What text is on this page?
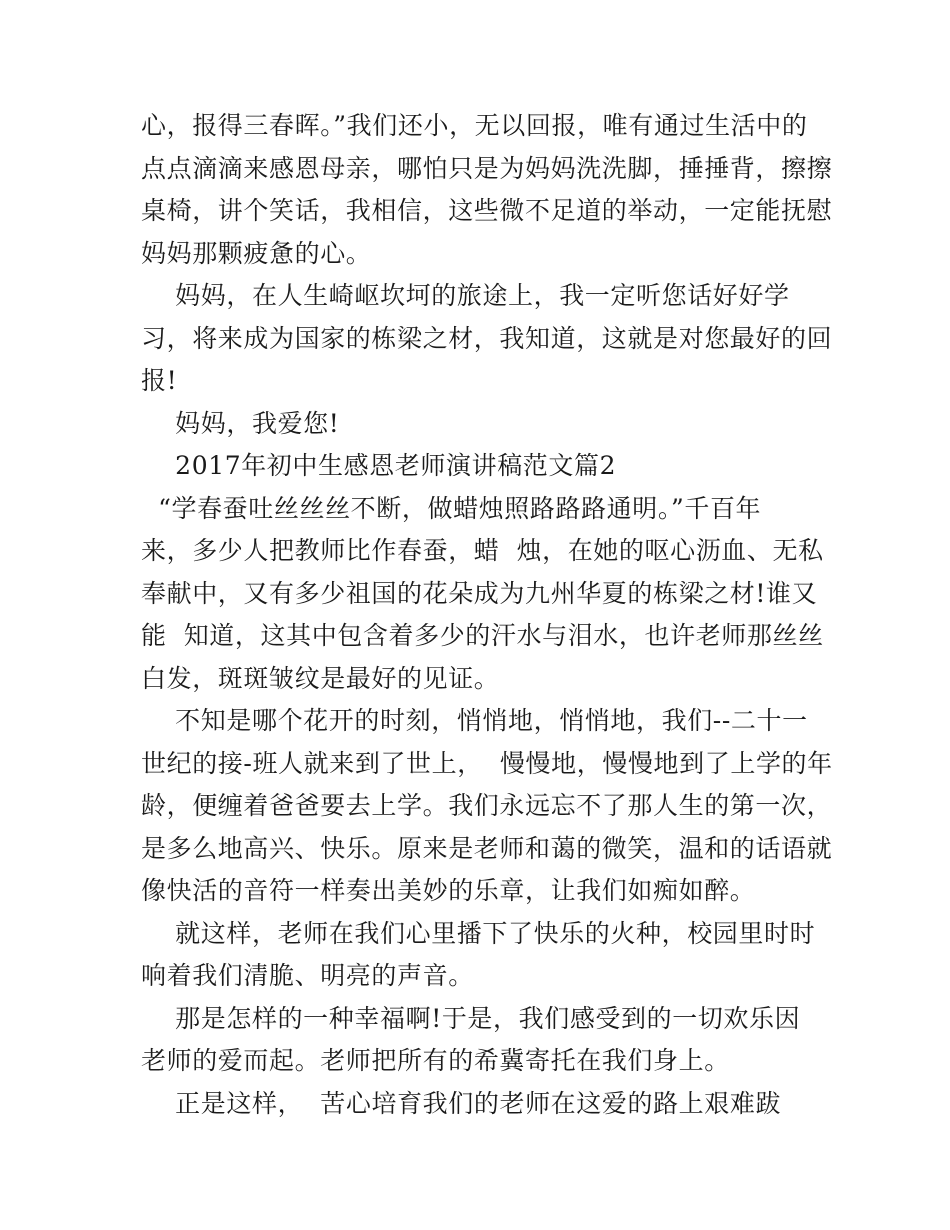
心，报得三春晖。”我们还小，无以回报，唯有通过生活中的
点点滴滴来感恩母亲，哪怕只是为妈妈洗洗脚，捶捶背，擦擦
桌椅，讲个笑话，我相信，这些微不足道的举动，一定能抚慰
妈妈那颗疲惫的心。
妈妈，在人生崎岖坎坷的旅途上，我一定听您话好好学
习，将来成为国家的栋梁之材，我知道，这就是对您最好的回
报!
妈妈，我爱您!
2017年初中生感恩老师演讲稿范文篇2
“学春蚕吐丝丝丝不断，做蜡烛照路路路通明。”千百年
来，多少人把教师比作春蚕，蜡  烛，在她的呕心沥血、无私
奉献中，又有多少祖国的花朵成为九州华夏的栋梁之材!谁又
能  知道，这其中包含着多少的汗水与泪水，也许老师那丝丝
白发，斑斑皱纹是最好的见证。
不知是哪个花开的时刻，悄悄地，悄悄地，我们--二十一
世纪的接-班人就来到了世上，  慢慢地，慢慢地到了上学的年
龄，便缠着爸爸要去上学。我们永远忘不了那人生的第一次，
是多么地高兴、快乐。原来是老师和蔼的微笑，温和的话语就
像快活的音符一样奏出美妙的乐章，让我们如痴如醉。
就这样，老师在我们心里播下了快乐的火种，校园里时时
响着我们清脆、明亮的声音。
那是怎样的一种幸福啊!于是，我们感受到的一切欢乐因
老师的爱而起。老师把所有的希冀寄托在我们身上。
正是这样，  苦心培育我们的老师在这爱的路上艰难跋
